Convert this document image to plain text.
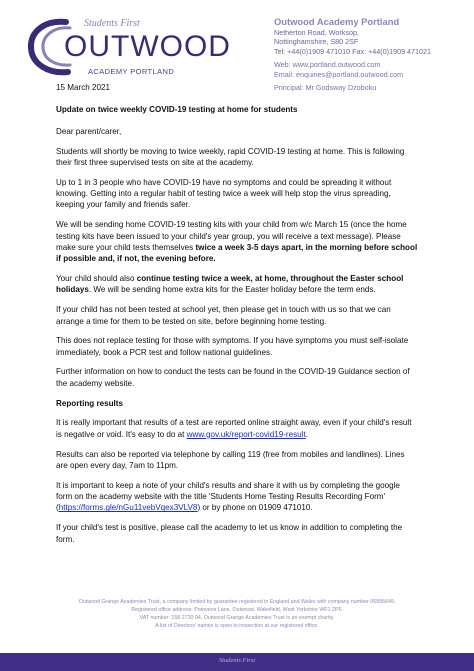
Students First
OUTWOOD
ACADEMY PORTLAND
Outwood Academy Portland
Netherton Road, Worksop,
Nottinghamshire, S80 2SF
Tel: +44(0)1909 471010 Fax: +44(0)1909 471021
Web: www.portland.outwood.com
Email: enquiries@portland.outwood.com
Principal: Mr Godsway Dzoboku

15 March 2021

Update on twice weekly COVID-19 testing at home for students

Dear parent/carer,

Students will shortly be moving to twice weekly, rapid COVID-19 testing at home. This is following their first three supervised tests on site at the academy.

Up to 1 in 3 people who have COVID-19 have no symptoms and could be spreading it without knowing. Getting into a regular habit of testing twice a week will help stop the virus spreading, keeping your family and friends safer.

We will be sending home COVID-19 testing kits with your child from w/c March 15 (once the home testing kits have been issued to your child's year group, you will receive a text message). Please make sure your child tests themselves twice a week 3-5 days apart, in the morning before school if possible and, if not, the evening before.

Your child should also continue testing twice a week, at home, throughout the Easter school holidays. We will be sending home extra kits for the Easter holiday before the term ends.

If your child has not been tested at school yet, then please get in touch with us so that we can arrange a time for them to be tested on site, before beginning home testing.

This does not replace testing for those with symptoms. If you have symptoms you must self-isolate immediately, book a PCR test and follow national guidelines.

Further information on how to conduct the tests can be found in the COVID-19 Guidance section of the academy website.

Reporting results

It is really important that results of a test are reported online straight away, even if your child's result is negative or void. It's easy to do at www.gov.uk/report-covid19-result.

Results can also be reported via telephone by calling 119 (free from mobiles and landlines). Lines are open every day, 7am to 11pm.

It is important to keep a note of your child's results and share it with us by completing the google form on the academy website with the title 'Students Home Testing Results Recording Form' (https://forms.gle/nGu11vebVqex3VLV8) or by phone on 01909 471010.

If your child's test is positive, please call the academy to let us know in addition to completing the form.

Outwood Grange Academies Trust, a company limited by guarantee registered in England and Wales with company number 06995649.
Registered office address: Potovens Lane, Outwood, Wakefield, West Yorkshire WF1 2PF.
VAT number: 158 2720 04. Outwood Grange Academies Trust is an exempt charity.
A list of Directors' names is open to inspection at our registered office.
Students First
